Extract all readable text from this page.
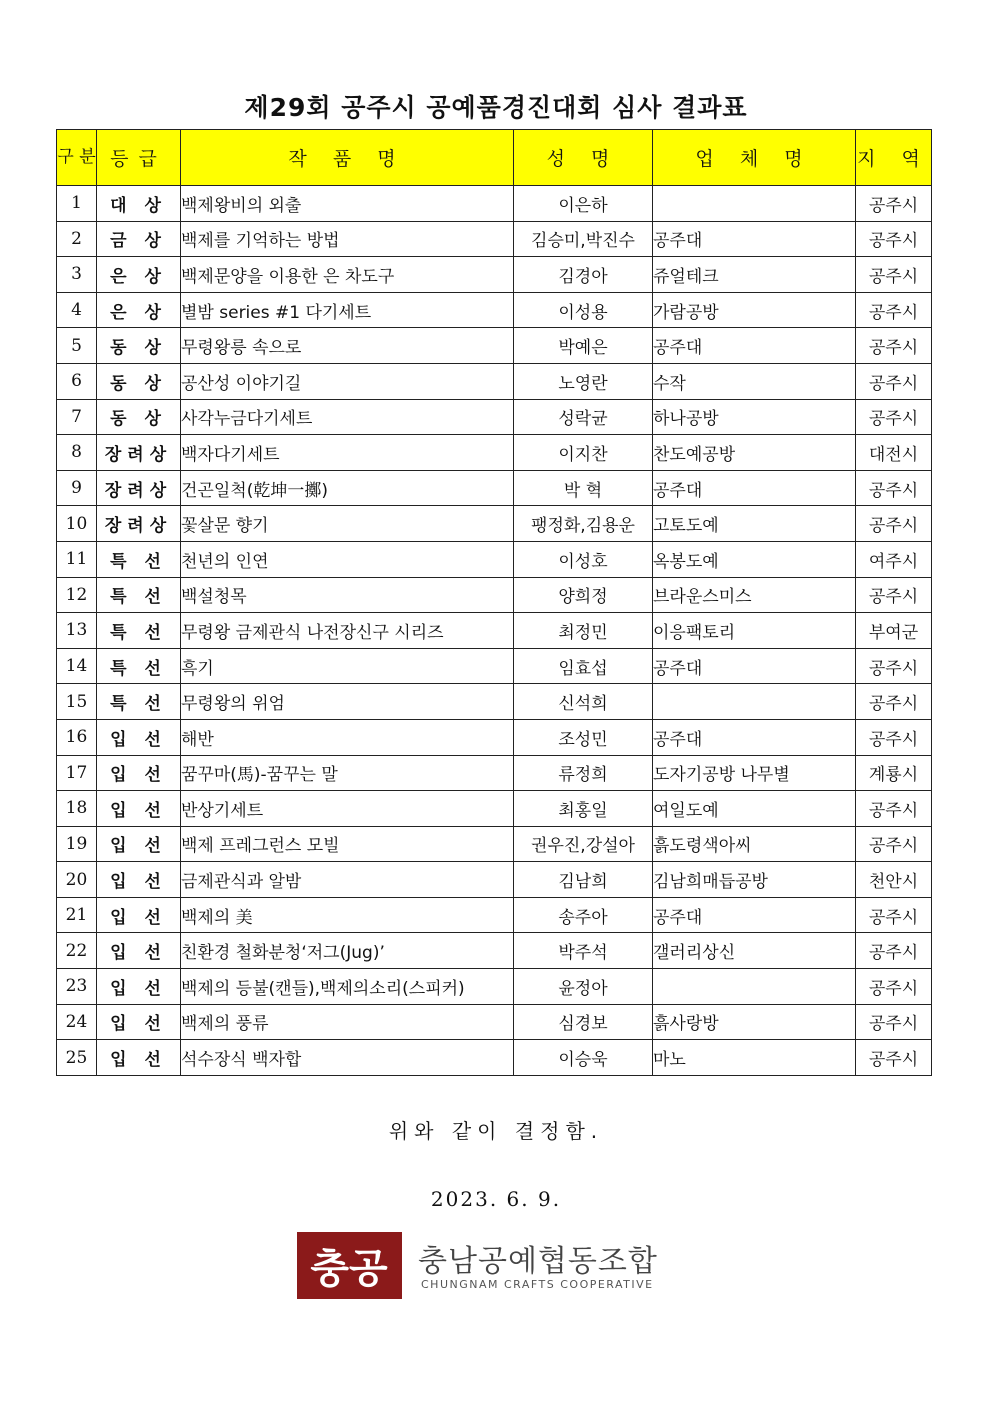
제29회 공주시 공예품경진대회 심사 결과표
구 분	등급	작 품 명	성 명	업 체 명	지 역
1	대 상	백제왕비의 외출	이은하		공주시
2	금 상	백제를 기억하는 방법	김승미,박진수	공주대	공주시
3	은 상	백제문양을 이용한 은 차도구	김경아	쥬얼테크	공주시
4	은 상	별밤 series #1 다기세트	이성용	가람공방	공주시
5	동 상	무령왕릉 속으로	박예은	공주대	공주시
6	동 상	공산성 이야기길	노영란	수작	공주시
7	동 상	사각누금다기세트	성락균	하나공방	공주시
8	장려상	백자다기세트	이지찬	찬도예공방	대전시
9	장려상	건곤일척(乾坤一擲)	박 혁	공주대	공주시
10	장려상	꽃살문 향기	팽정화,김용운	고토도예	공주시
11	특 선	천년의 인연	이성호	옥봉도예	여주시
12	특 선	백설청목	양희정	브라운스미스	공주시
13	특 선	무령왕 금제관식 나전장신구 시리즈	최정민	이응팩토리	부여군
14	특 선	흑기	임효섭	공주대	공주시
15	특 선	무령왕의 위엄	신석희		공주시
16	입 선	해반	조성민	공주대	공주시
17	입 선	꿈꾸마(馬)-꿈꾸는 말	류정희	도자기공방 나무별	계룡시
18	입 선	반상기세트	최홍일	여일도예	공주시
19	입 선	백제 프레그런스 모빌	권우진,강설아	흙도령색아씨	공주시
20	입 선	금제관식과 알밤	김남희	김남희매듭공방	천안시
21	입 선	백제의 美	송주아	공주대	공주시
22	입 선	친환경 철화분청‘저그(Jug)’	박주석	갤러리상신	공주시
23	입 선	백제의 등불(캔들),백제의소리(스피커)	윤정아		공주시
24	입 선	백제의 풍류	심경보	흙사랑방	공주시
25	입 선	석수장식 백자합	이승욱	마노	공주시
위와 같이 결정함.
2023. 6. 9.
충공 충남공예협동조합
CHUNGNAM CRAFTS COOPERATIVE
